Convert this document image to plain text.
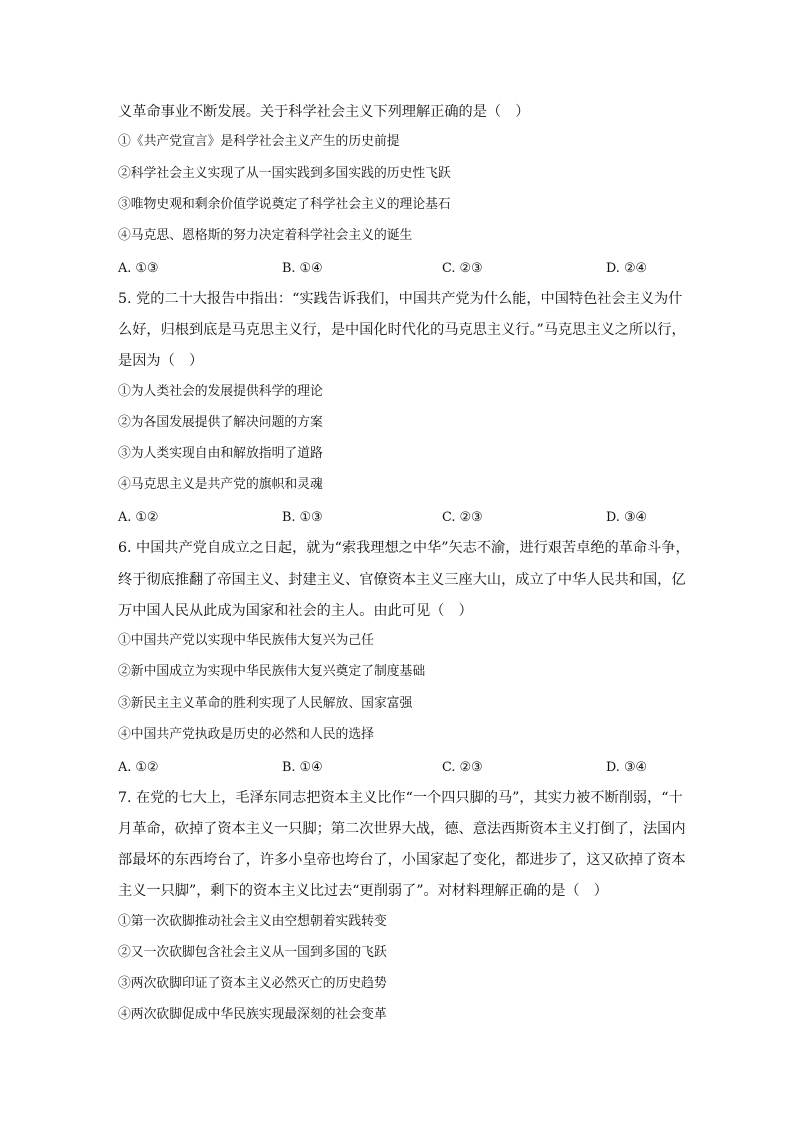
义革命事业不断发展。关于科学社会主义下列理解正确的是（　）
①《共产党宣言》是科学社会主义产生的历史前提
②科学社会主义实现了从一国实践到多国实践的历史性飞跃
③唯物史观和剩余价值学说奠定了科学社会主义的理论基石
④马克思、恩格斯的努力决定着科学社会主义的诞生
A. ①③	B. ①④	C. ②③	D. ②④
5. 党的二十大报告中指出：“实践告诉我们，中国共产党为什么能，中国特色社会主义为什
么好，归根到底是马克思主义行，是中国化时代化的马克思主义行。”马克思主义之所以行，
是因为（　）
①为人类社会的发展提供科学的理论
②为各国发展提供了解决问题的方案
③为人类实现自由和解放指明了道路
④马克思主义是共产党的旗帜和灵魂
A. ①②	B. ①③	C. ②③	D. ③④
6. 中国共产党自成立之日起，就为“索我理想之中华”矢志不渝，进行艰苦卓绝的革命斗争，
终于彻底推翻了帝国主义、封建主义、官僚资本主义三座大山，成立了中华人民共和国，亿
万中国人民从此成为国家和社会的主人。由此可见（　）
①中国共产党以实现中华民族伟大复兴为己任
②新中国成立为实现中华民族伟大复兴奠定了制度基础
③新民主主义革命的胜利实现了人民解放、国家富强
④中国共产党执政是历史的必然和人民的选择
A. ①②	B. ①④	C. ②③	D. ③④
7. 在党的七大上，毛泽东同志把资本主义比作“一个四只脚的马”，其实力被不断削弱，“十
月革命，砍掉了资本主义一只脚；第二次世界大战，德、意法西斯资本主义打倒了，法国内
部最坏的东西垮台了，许多小皇帝也垮台了，小国家起了变化，都进步了，这又砍掉了资本
主义一只脚”，剩下的资本主义比过去“更削弱了”。对材料理解正确的是（　）
①第一次砍脚推动社会主义由空想朝着实践转变
②又一次砍脚包含社会主义从一国到多国的飞跃
③两次砍脚印证了资本主义必然灭亡的历史趋势
④两次砍脚促成中华民族实现最深刻的社会变革
